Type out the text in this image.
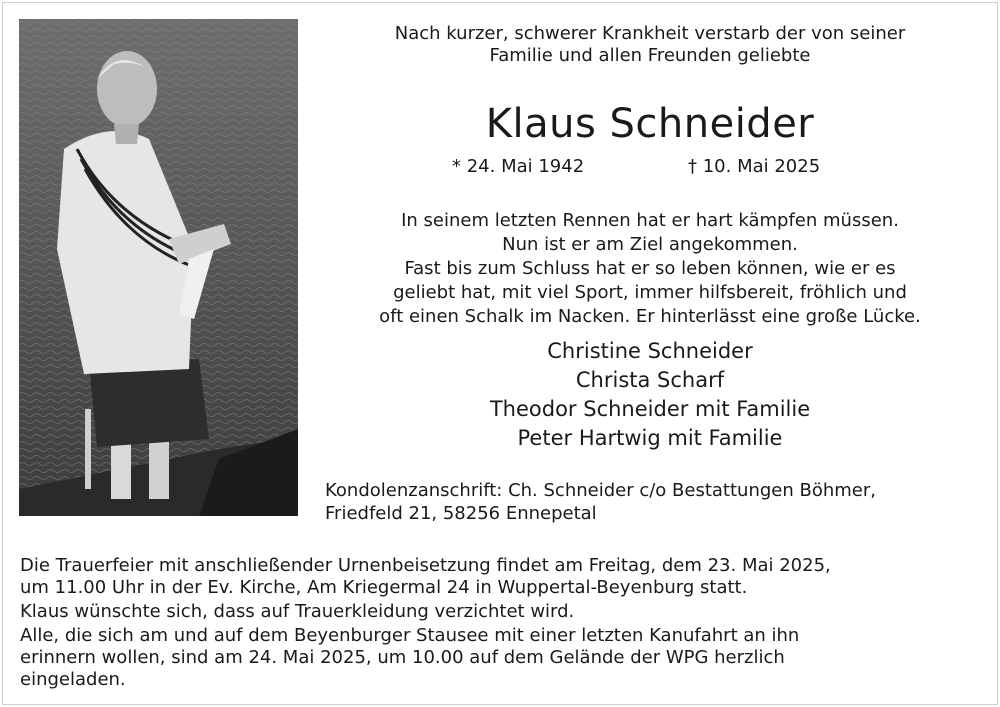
Nach kurzer, schwerer Krankheit verstarb der von seiner
Familie und allen Freunden geliebte
Klaus Schneider
* 24. Mai 1942	† 10. Mai 2025
In seinem letzten Rennen hat er hart kämpfen müssen.
Nun ist er am Ziel angekommen.
Fast bis zum Schluss hat er so leben können, wie er es
geliebt hat, mit viel Sport, immer hilfsbereit, fröhlich und
oft einen Schalk im Nacken. Er hinterlässt eine große Lücke.
Christine Schneider
Christa Scharf
Theodor Schneider mit Familie
Peter Hartwig mit Familie
Kondolenzanschrift: Ch. Schneider c/o Bestattungen Böhmer,
Friedfeld 21, 58256 Ennepetal

Die Trauerfeier mit anschließender Urnenbeisetzung findet am Freitag, dem 23. Mai 2025,
um 11.00 Uhr in der Ev. Kirche, Am Kriegermal 24 in Wuppertal-Beyenburg statt.

Klaus wünschte sich, dass auf Trauerkleidung verzichtet wird.

Alle, die sich am und auf dem Beyenburger Stausee mit einer letzten Kanufahrt an ihn
erinnern wollen, sind am 24. Mai 2025, um 10.00 auf dem Gelände der WPG herzlich
eingeladen.
